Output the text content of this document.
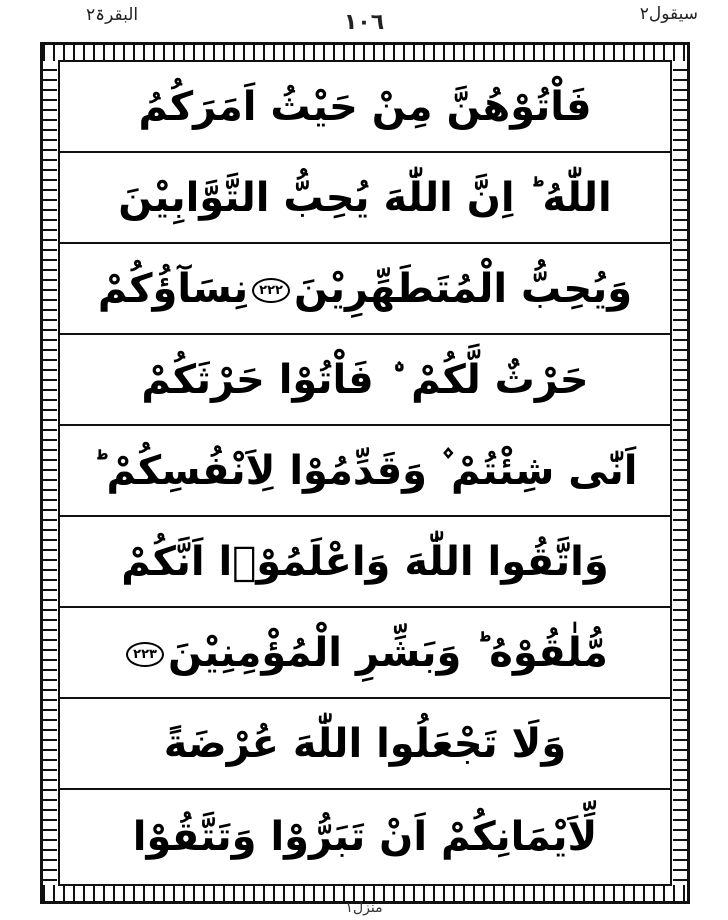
سیقول۲
١٠٦
البقرۃ۲
فَاْتُوْهُنَّ مِنْ حَيْثُ اَمَرَكُمُ
اللّٰهُ ؕ اِنَّ اللّٰهَ يُحِبُّ التَّوَّابِيْنَ
وَيُحِبُّ الْمُتَطَهِّرِيْنَ٢٢٢نِسَآؤُكُمْ
حَرْثٌ لَّكُمْ ۨ فَاْتُوْا حَرْثَكُمْ
اَنّٰى شِئْتُمْ ۫ وَقَدِّمُوْا لِاَنْفُسِكُمْ ؕ
وَاتَّقُوا اللّٰهَ وَاعْلَمُوْۤا اَنَّكُمْ
مُّلٰقُوْهُ ؕ وَبَشِّرِ الْمُؤْمِنِيْنَ٢٢٣
وَلَا تَجْعَلُوا اللّٰهَ عُرْضَةً
لِّاَيْمَانِكُمْ اَنْ تَبَرُّوْا وَتَتَّقُوْا
منزل۱
